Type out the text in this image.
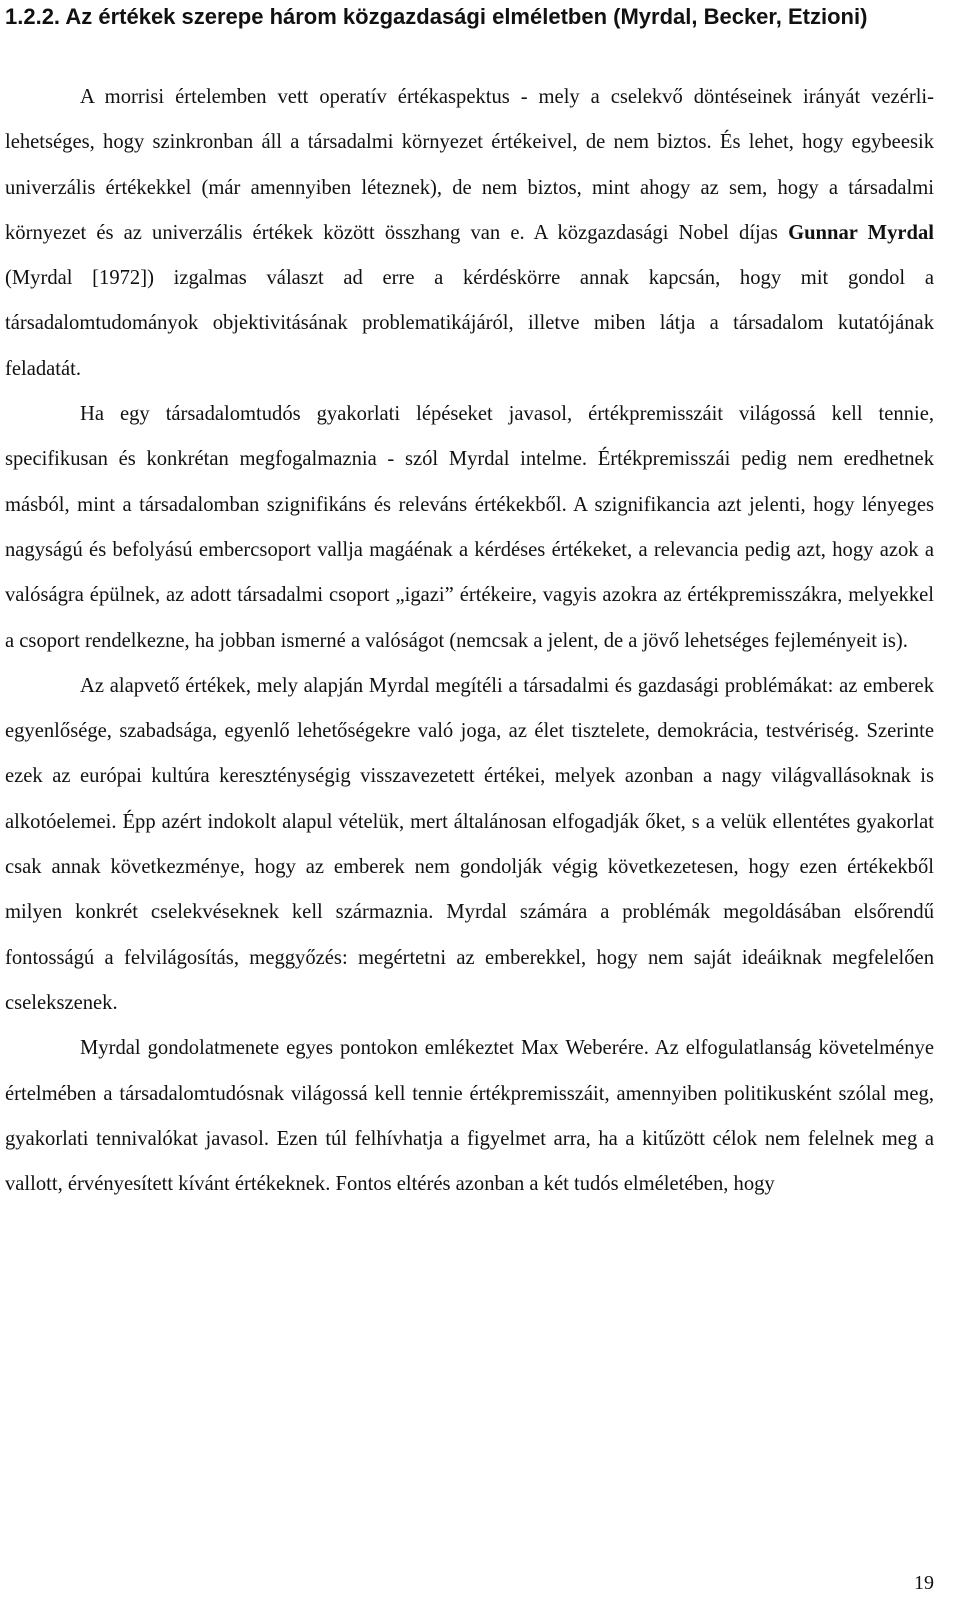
1.2.2. Az értékek szerepe három közgazdasági elméletben (Myrdal, Becker, Etzioni)

A morrisi értelemben vett operatív értékaspektus - mely a cselekvő döntéseinek irányát vezérli- lehetséges, hogy szinkronban áll a társadalmi környezet értékeivel, de nem biztos. És lehet, hogy egybeesik univerzális értékekkel (már amennyiben léteznek), de nem biztos, mint ahogy az sem, hogy a társadalmi környezet és az univerzális értékek között összhang van e. A közgazdasági Nobel díjas Gunnar Myrdal (Myrdal [1972]) izgalmas választ ad erre a kérdéskörre annak kapcsán, hogy mit gondol a társadalomtudományok objektivitásának problematikájáról, illetve miben látja a társadalom kutatójának feladatát.

Ha egy társadalomtudós gyakorlati lépéseket javasol, értékpremisszáit világossá kell tennie, specifikusan és konkrétan megfogalmaznia - szól Myrdal intelme. Értékpremisszái pedig nem eredhetnek másból, mint a társadalomban szignifikáns és releváns értékekből. A szignifikancia azt jelenti, hogy lényeges nagyságú és befolyású embercsoport vallja magáénak a kérdéses értékeket, a relevancia pedig azt, hogy azok a valóságra épülnek, az adott társadalmi csoport „igazi” értékeire, vagyis azokra az értékpremisszákra, melyekkel a csoport rendelkezne, ha jobban ismerné a valóságot (nemcsak a jelent, de a jövő lehetséges fejleményeit is).

Az alapvető értékek, mely alapján Myrdal megítéli a társadalmi és gazdasági problémákat: az emberek egyenlősége, szabadsága, egyenlő lehetőségekre való joga, az élet tisztelete, demokrácia, testvériség. Szerinte ezek az európai kultúra kereszténységig visszavezetett értékei, melyek azonban a nagy világvallásoknak is alkotóelemei. Épp azért indokolt alapul vételük, mert általánosan elfogadják őket, s a velük ellentétes gyakorlat csak annak következménye, hogy az emberek nem gondolják végig következetesen, hogy ezen értékekből milyen konkrét cselekvéseknek kell származnia. Myrdal számára a problémák megoldásában elsőrendű fontosságú a felvilágosítás, meggyőzés: megértetni az emberekkel, hogy nem saját ideáiknak megfelelően cselekszenek.

Myrdal gondolatmenete egyes pontokon emlékeztet Max Weberére. Az elfogulatlanság követelménye értelmében a társadalomtudósnak világossá kell tennie értékpremisszáit, amennyiben politikusként szólal meg, gyakorlati tennivalókat javasol. Ezen túl felhívhatja a figyelmet arra, ha a kitűzött célok nem felelnek meg a vallott, érvényesített kívánt értékeknek. Fontos eltérés azonban a két tudós elméletében, hogy

19
